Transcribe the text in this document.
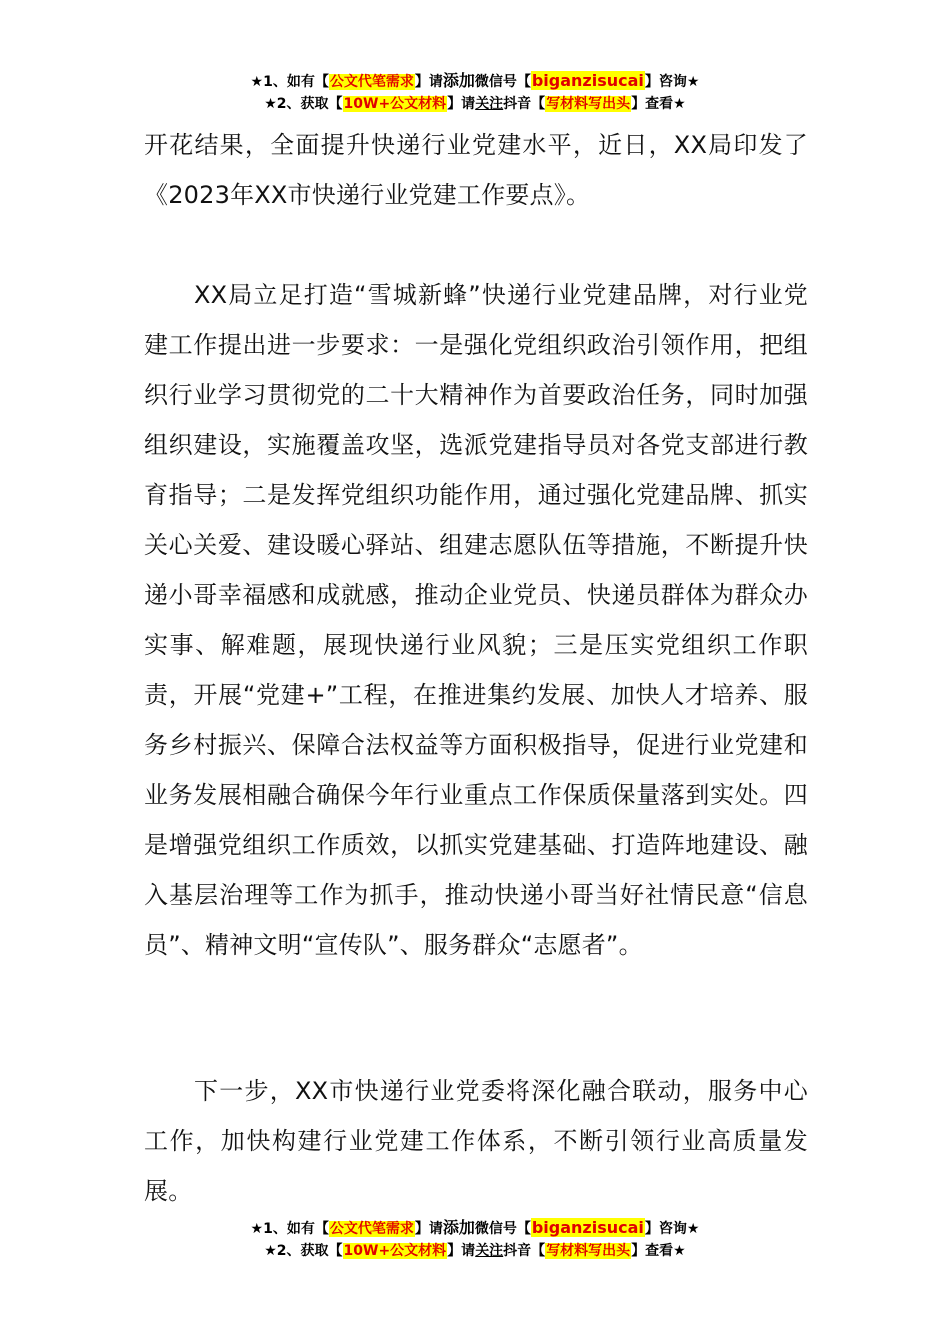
★1、如有【公文代笔需求】请添加微信号【biganzisucai】咨询★
★2、获取【10W+公文材料】请关注抖音【写材料写出头】查看★

开花结果，全面提升快递行业党建水平，近日，XX局印发了《2023年XX市快递行业党建工作要点》。

XX局立足打造“雪城新蜂”快递行业党建品牌，对行业党建工作提出进一步要求：一是强化党组织政治引领作用，把组织行业学习贯彻党的二十大精神作为首要政治任务，同时加强组织建设，实施覆盖攻坚，选派党建指导员对各党支部进行教育指导；二是发挥党组织功能作用，通过强化党建品牌、抓实关心关爱、建设暖心驿站、组建志愿队伍等措施，不断提升快递小哥幸福感和成就感，推动企业党员、快递员群体为群众办实事、解难题，展现快递行业风貌；三是压实党组织工作职责，开展“党建+”工程，在推进集约发展、加快人才培养、服务乡村振兴、保障合法权益等方面积极指导，促进行业党建和业务发展相融合确保今年行业重点工作保质保量落到实处。四是增强党组织工作质效，以抓实党建基础、打造阵地建设、融入基层治理等工作为抓手，推动快递小哥当好社情民意“信息员”、精神文明“宣传队”、服务群众“志愿者”。

下一步，XX市快递行业党委将深化融合联动，服务中心工作，加快构建行业党建工作体系，不断引领行业高质量发展。

★1、如有【公文代笔需求】请添加微信号【biganzisucai】咨询★
★2、获取【10W+公文材料】请关注抖音【写材料写出头】查看★
